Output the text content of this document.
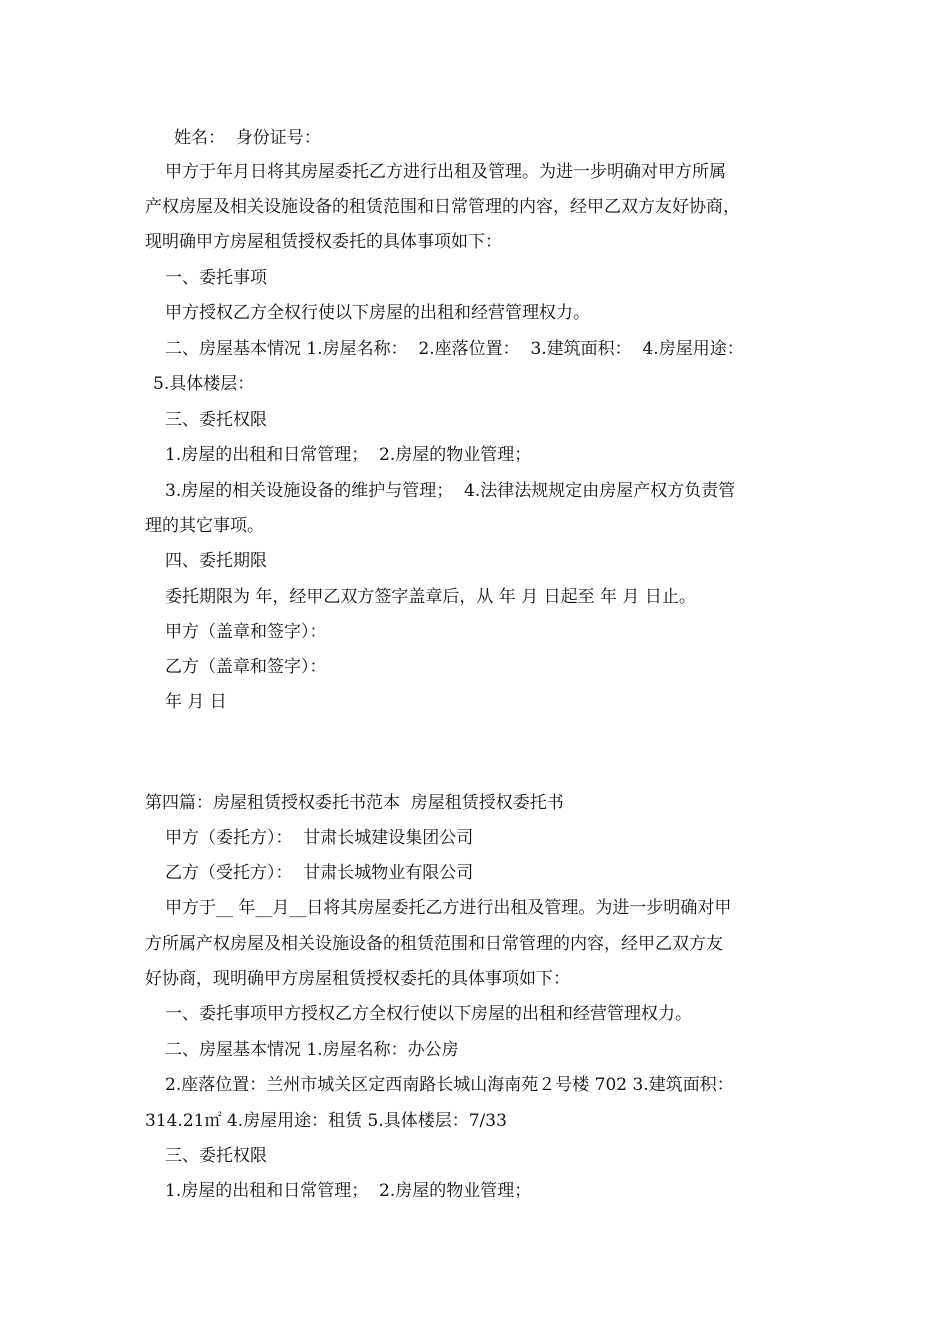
姓名：  身份证号：
甲方于年月日将其房屋委托乙方进行出租及管理。为进一步明确对甲方所属
产权房屋及相关设施设备的租赁范围和日常管理的内容，经甲乙双方友好协商，
现明确甲方房屋租赁授权委托的具体事项如下：
一、委托事项
甲方授权乙方全权行使以下房屋的出租和经营管理权力。
二、房屋基本情况 1.房屋名称：  2.座落位置：  3.建筑面积：  4.房屋用途：
5.具体楼层：
三、委托权限
1.房屋的出租和日常管理；  2.房屋的物业管理；
3.房屋的相关设施设备的维护与管理；  4.法律法规规定由房屋产权方负责管
理的其它事项。
四、委托期限
委托期限为 年，经甲乙双方签字盖章后，从 年 月 日起至 年 月 日止。
甲方（盖章和签字）：
乙方（盖章和签字）：
年 月 日
第四篇：房屋租赁授权委托书范本  房屋租赁授权委托书
甲方（委托方）：  甘肃长城建设集团公司
乙方（受托方）：  甘肃长城物业有限公司
甲方于__ 年__月__日将其房屋委托乙方进行出租及管理。为进一步明确对甲
方所属产权房屋及相关设施设备的租赁范围和日常管理的内容，经甲乙双方友
好协商，现明确甲方房屋租赁授权委托的具体事项如下：
一、委托事项甲方授权乙方全权行使以下房屋的出租和经营管理权力。
二、房屋基本情况 1.房屋名称：办公房
2.座落位置：兰州市城关区定西南路长城山海南苑２号楼 702 3.建筑面积：
314.21㎡ 4.房屋用途：租赁 5.具体楼层：7/33
三、委托权限
1.房屋的出租和日常管理；  2.房屋的物业管理；
